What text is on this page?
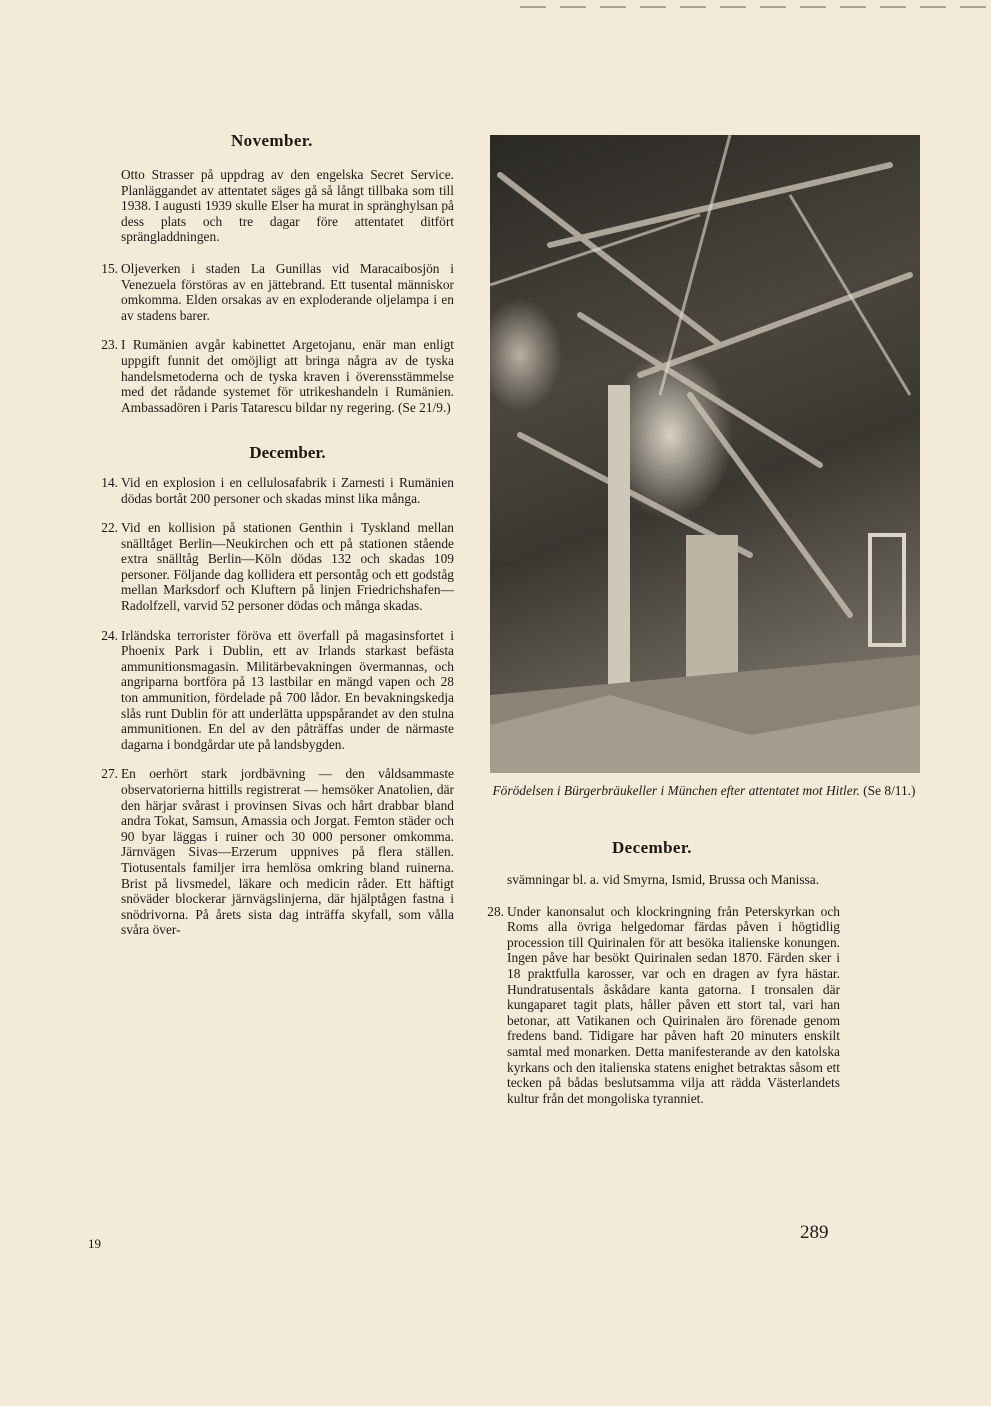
November.
Otto Strasser på uppdrag av den engelska Secret Service. Planläggandet av attentatet säges gå så långt tillbaka som till 1938. I augusti 1939 skulle Elser ha murat in spränghylsan på dess plats och tre dagar före attentatet ditfört sprängladdningen.
15. Oljeverken i staden La Gunillas vid Maracaibosjön i Venezuela förstöras av en jättebrand. Ett tusental människor omkomma. Elden orsakas av en exploderande oljelampa i en av stadens barer.
23. I Rumänien avgår kabinettet Argetojanu, enär man enligt uppgift funnit det omöjligt att bringa några av de tyska handelsmetoderna och de tyska kraven i överensstämmelse med det rådande systemet för utrikeshandeln i Rumänien. Ambassadören i Paris Tatarescu bildar ny regering. (Se 21/9.)
December.
14. Vid en explosion i en cellulosafabrik i Zarnesti i Rumänien dödas bortåt 200 personer och skadas minst lika många.
22. Vid en kollision på stationen Genthin i Tyskland mellan snälltåget Berlin—Neukirchen och ett på stationen stående extra snälltåg Berlin—Köln dödas 132 och skadas 109 personer. Följande dag kollidera ett persontåg och ett godståg mellan Marksdorf och Kluftern på linjen Friedrichshafen—Radolfzell, varvid 52 personer dödas och många skadas.
24. Irländska terrorister föröva ett överfall på magasinsfortet i Phoenix Park i Dublin, ett av Irlands starkast befästa ammunitionsmagasin. Militärbevakningen övermannas, och angriparna bortföra på 13 lastbilar en mängd vapen och 28 ton ammunition, fördelade på 700 lådor. En bevakningskedja slås runt Dublin för att underlätta uppspårandet av den stulna ammunitionen. En del av den påträffas under de närmaste dagarna i bondgårdar ute på landsbygden.
27. En oerhört stark jordbävning — den våldsammaste observatorierna hittills registrerat — hemsöker Anatolien, där den härjar svårast i provinsen Sivas och hårt drabbar bland andra Tokat, Samsun, Amassia och Jorgat. Femton städer och 90 byar läggas i ruiner och 30 000 personer omkomma. Järnvägen Sivas—Erzerum uppnives på flera ställen. Tiotusentals familjer irra hemlösa omkring bland ruinerna. Brist på livsmedel, läkare och medicin råder. Ett häftigt snöväder blockerar järnvägslinjerna, där hjälptågen fastna i snödrivorna. På årets sista dag inträffa skyfall, som vålla svåra över-
Förödelsen i Bürgerbräukeller i München efter attentatet mot Hitler. (Se 8/11.)
December.
svämningar bl. a. vid Smyrna, Ismid, Brussa och Manissa.
28. Under kanonsalut och klockringning från Peterskyrkan och Roms alla övriga helgedomar färdas påven i högtidlig procession till Quirinalen för att besöka italienske konungen. Ingen påve har besökt Quirinalen sedan 1870. Färden sker i 18 praktfulla karosser, var och en dragen av fyra hästar. Hundratusentals åskådare kanta gatorna. I tronsalen där kungaparet tagit plats, håller påven ett stort tal, vari han betonar, att Vatikanen och Quirinalen äro förenade genom fredens band. Tidigare har påven haft 20 minuters enskilt samtal med monarken. Detta manifesterande av den katolska kyrkans och den italienska statens enighet betraktas såsom ett tecken på bådas beslutsamma vilja att rädda Västerlandets kultur från det mongoliska tyranniet.
19
289
